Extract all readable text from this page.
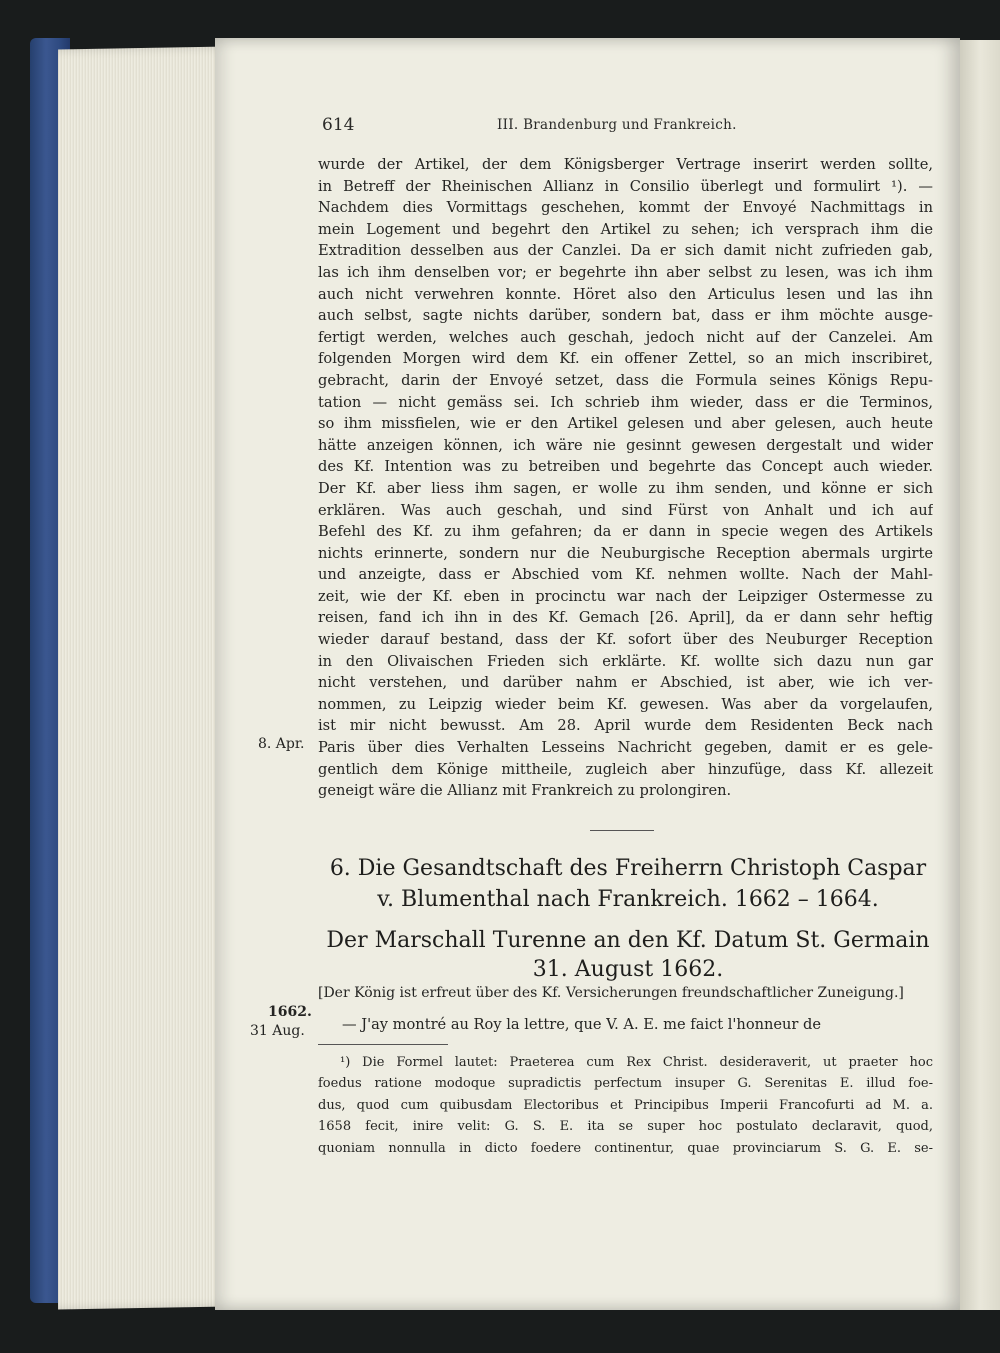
614	III. Brandenburg und Frankreich.
wurde der Artikel, der dem Königsberger Vertrage inserirt werden sollte,
in Betreff der Rheinischen Allianz in Consilio überlegt und formulirt ¹). —
Nachdem dies Vormittags geschehen, kommt der Envoyé Nachmittags in
mein Logement und begehrt den Artikel zu sehen; ich versprach ihm die
Extradition desselben aus der Canzlei. Da er sich damit nicht zufrieden gab,
las ich ihm denselben vor; er begehrte ihn aber selbst zu lesen, was ich ihm
auch nicht verwehren konnte. Höret also den Articulus lesen und las ihn
auch selbst, sagte nichts darüber, sondern bat, dass er ihm möchte ausge-
fertigt werden, welches auch geschah, jedoch nicht auf der Canzelei. Am
folgenden Morgen wird dem Kf. ein offener Zettel, so an mich inscribiret,
gebracht, darin der Envoyé setzet, dass die Formula seines Königs Repu-
tation — nicht gemäss sei. Ich schrieb ihm wieder, dass er die Terminos,
so ihm missfielen, wie er den Artikel gelesen und aber gelesen, auch heute
hätte anzeigen können, ich wäre nie gesinnt gewesen dergestalt und wider
des Kf. Intention was zu betreiben und begehrte das Concept auch wieder.
Der Kf. aber liess ihm sagen, er wolle zu ihm senden, und könne er sich
erklären. Was auch geschah, und sind Fürst von Anhalt und ich auf
Befehl des Kf. zu ihm gefahren; da er dann in specie wegen des Artikels
nichts erinnerte, sondern nur die Neuburgische Reception abermals urgirte
und anzeigte, dass er Abschied vom Kf. nehmen wollte. Nach der Mahl-
zeit, wie der Kf. eben in procinctu war nach der Leipziger Ostermesse zu
reisen, fand ich ihn in des Kf. Gemach [26. April], da er dann sehr heftig
wieder darauf bestand, dass der Kf. sofort über des Neuburger Reception
in den Olivaischen Frieden sich erklärte. Kf. wollte sich dazu nun gar
nicht verstehen, und darüber nahm er Abschied, ist aber, wie ich ver-
nommen, zu Leipzig wieder beim Kf. gewesen. Was aber da vorgelaufen,
ist mir nicht bewusst. Am 28. April wurde dem Residenten Beck nach
Paris über dies Verhalten Lesseins Nachricht gegeben, damit er es gele-
gentlich dem Könige mittheile, zugleich aber hinzufüge, dass Kf. allezeit
geneigt wäre die Allianz mit Frankreich zu prolongiren.
8. Apr.
6. Die Gesandtschaft des Freiherrn Christoph Caspar
v. Blumenthal nach Frankreich. 1662 – 1664.
Der Marschall Turenne an den Kf. Datum St. Germain
31. August 1662.
[Der König ist erfreut über des Kf. Versicherungen freundschaftlicher Zuneigung.]
1662.
31 Aug.	— J'ay montré au Roy la lettre, que V. A. E. me faict l'honneur de
¹) Die Formel lautet: Praeterea cum Rex Christ. desideraverit, ut praeter hoc
foedus ratione modoque supradictis perfectum insuper G. Serenitas E. illud foe-
dus, quod cum quibusdam Electoribus et Principibus Imperii Francofurti ad M. a.
1658 fecit, inire velit: G. S. E. ita se super hoc postulato declaravit, quod,
quoniam nonnulla in dicto foedere continentur, quae provinciarum S. G. E. se-
